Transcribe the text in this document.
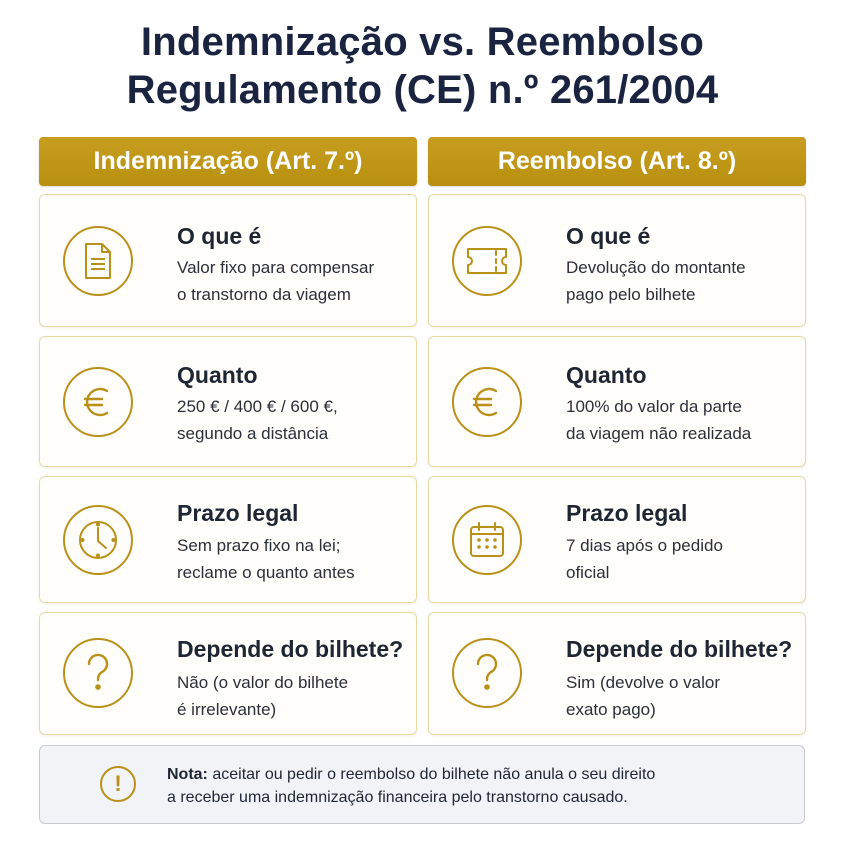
Indemnização vs. Reembolso
Regulamento (CE) n.º 261/2004
Indemnização (Art. 7.º)
O que é
Valor fixo para compensar
o transtorno da viagem
Quanto
250 € / 400 € / 600 €,
segundo a distância
Prazo legal
Sem prazo fixo na lei;
reclame o quanto antes
Depende do bilhete?
Não (o valor do bilhete
é irrelevante)
Reembolso (Art. 8.º)
O que é
Devolução do montante
pago pelo bilhete
Quanto
100% do valor da parte
da viagem não realizada
Prazo legal
7 dias após o pedido
oficial
Depende do bilhete?
Sim (devolve o valor
exato pago)
!	Nota: aceitar ou pedir o reembolso do bilhete não anula o seu direito
a receber uma indemnização financeira pelo transtorno causado.
